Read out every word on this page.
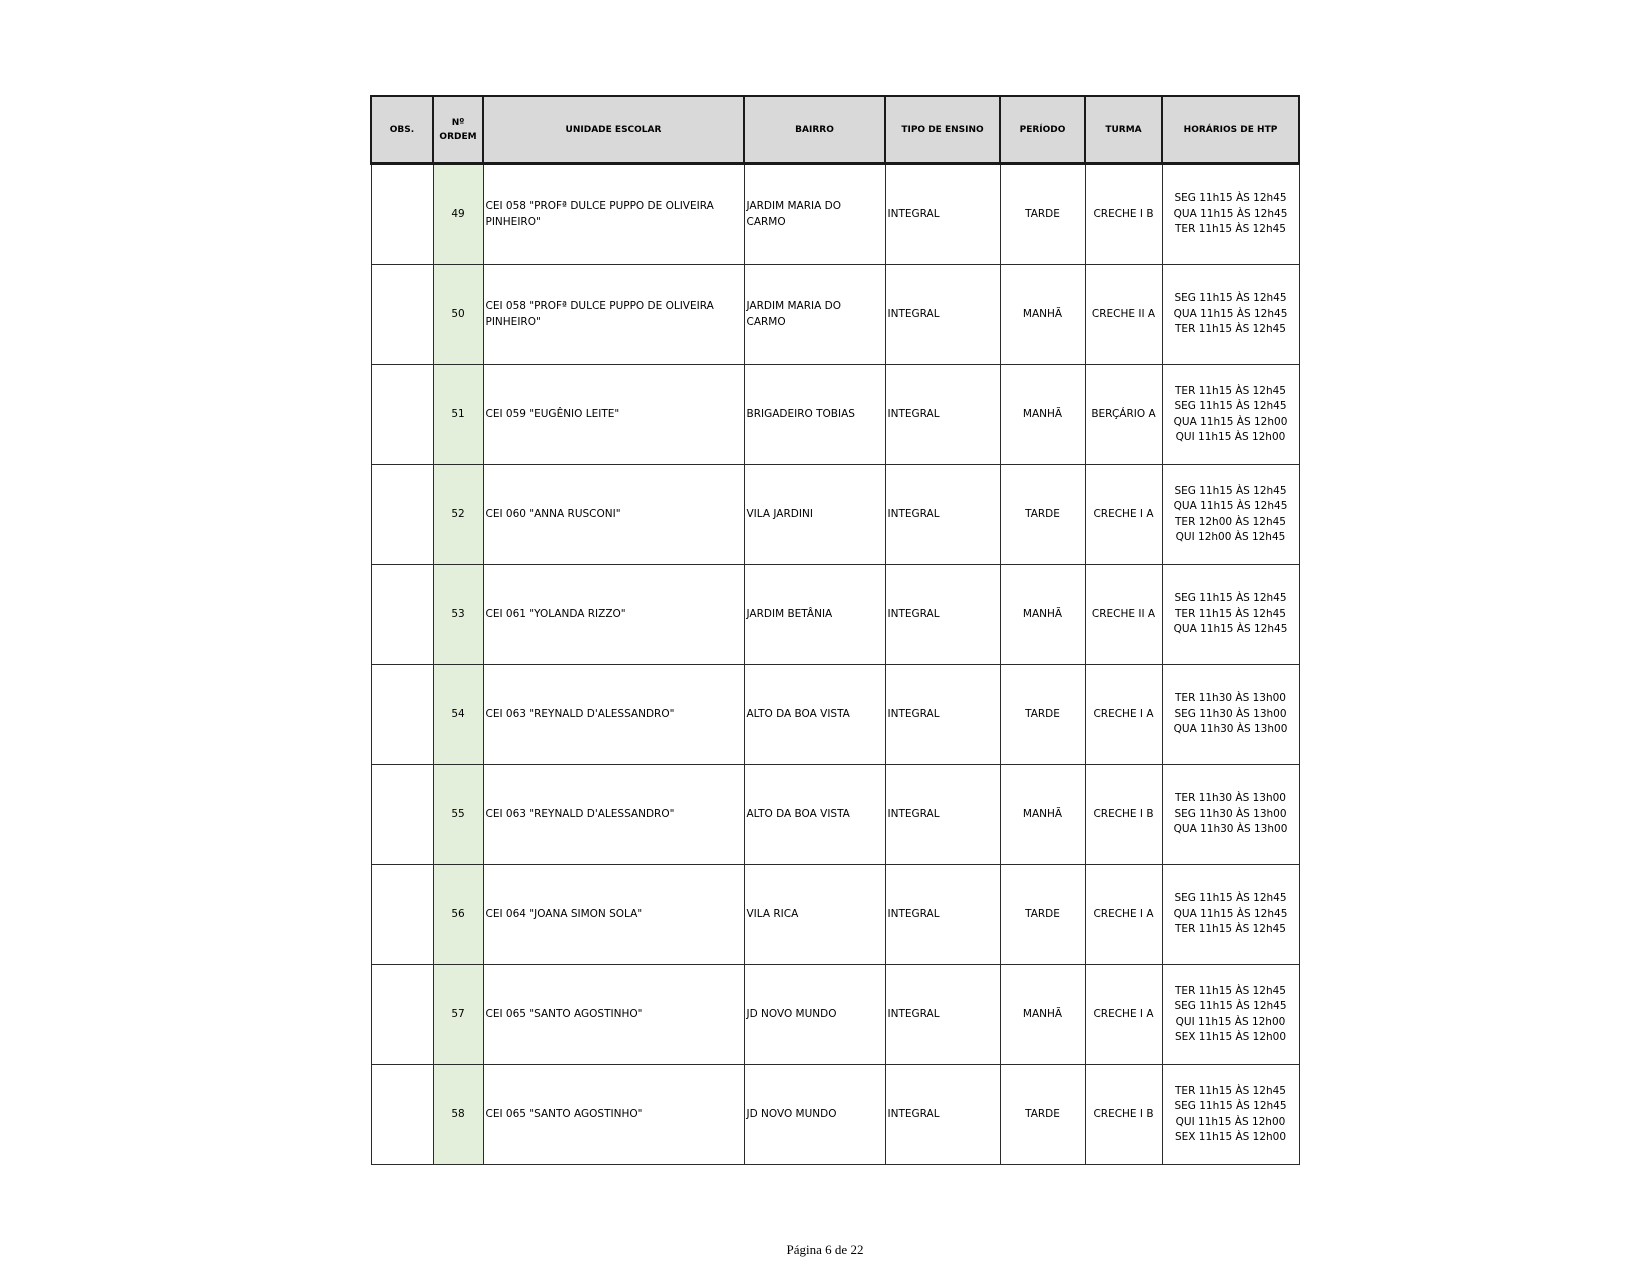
OBS.	Nº
ORDEM	UNIDADE ESCOLAR	BAIRRO	TIPO DE ENSINO	PERÍODO	TURMA	HORÁRIOS DE HTP
	49	CEI 058 "PROFª DULCE PUPPO DE OLIVEIRA PINHEIRO"	JARDIM MARIA DO CARMO	INTEGRAL	TARDE	CRECHE I B	SEG 11h15 ÀS 12h45
QUA 11h15 ÀS 12h45
TER 11h15 ÀS 12h45
	50	CEI 058 "PROFª DULCE PUPPO DE OLIVEIRA PINHEIRO"	JARDIM MARIA DO CARMO	INTEGRAL	MANHÃ	CRECHE II A	SEG 11h15 ÀS 12h45
QUA 11h15 ÀS 12h45
TER 11h15 ÀS 12h45
	51	CEI 059 "EUGÊNIO LEITE"	BRIGADEIRO TOBIAS	INTEGRAL	MANHÃ	BERÇÁRIO A	TER 11h15 ÀS 12h45
SEG 11h15 ÀS 12h45
QUA 11h15 ÀS 12h00
QUI 11h15 ÀS 12h00
	52	CEI 060 "ANNA RUSCONI"	VILA JARDINI	INTEGRAL	TARDE	CRECHE I A	SEG 11h15 ÀS 12h45
QUA 11h15 ÀS 12h45
TER 12h00 ÀS 12h45
QUI 12h00 ÀS 12h45
	53	CEI 061 "YOLANDA RIZZO"	JARDIM BETÂNIA	INTEGRAL	MANHÃ	CRECHE II A	SEG 11h15 ÀS 12h45
TER 11h15 ÀS 12h45
QUA 11h15 ÀS 12h45
	54	CEI 063 "REYNALD D'ALESSANDRO"	ALTO DA BOA VISTA	INTEGRAL	TARDE	CRECHE I A	TER 11h30 ÀS 13h00
SEG 11h30 ÀS 13h00
QUA 11h30 ÀS 13h00
	55	CEI 063 "REYNALD D'ALESSANDRO"	ALTO DA BOA VISTA	INTEGRAL	MANHÃ	CRECHE I B	TER 11h30 ÀS 13h00
SEG 11h30 ÀS 13h00
QUA 11h30 ÀS 13h00
	56	CEI 064 "JOANA SIMON SOLA"	VILA RICA	INTEGRAL	TARDE	CRECHE I A	SEG 11h15 ÀS 12h45
QUA 11h15 ÀS 12h45
TER 11h15 ÀS 12h45
	57	CEI 065 "SANTO AGOSTINHO"	JD NOVO MUNDO	INTEGRAL	MANHÃ	CRECHE I A	TER 11h15 ÀS 12h45
SEG 11h15 ÀS 12h45
QUI 11h15 ÀS 12h00
SEX 11h15 ÀS 12h00
	58	CEI 065 "SANTO AGOSTINHO"	JD NOVO MUNDO	INTEGRAL	TARDE	CRECHE I B	TER 11h15 ÀS 12h45
SEG 11h15 ÀS 12h45
QUI 11h15 ÀS 12h00
SEX 11h15 ÀS 12h00
Página 6 de 22
